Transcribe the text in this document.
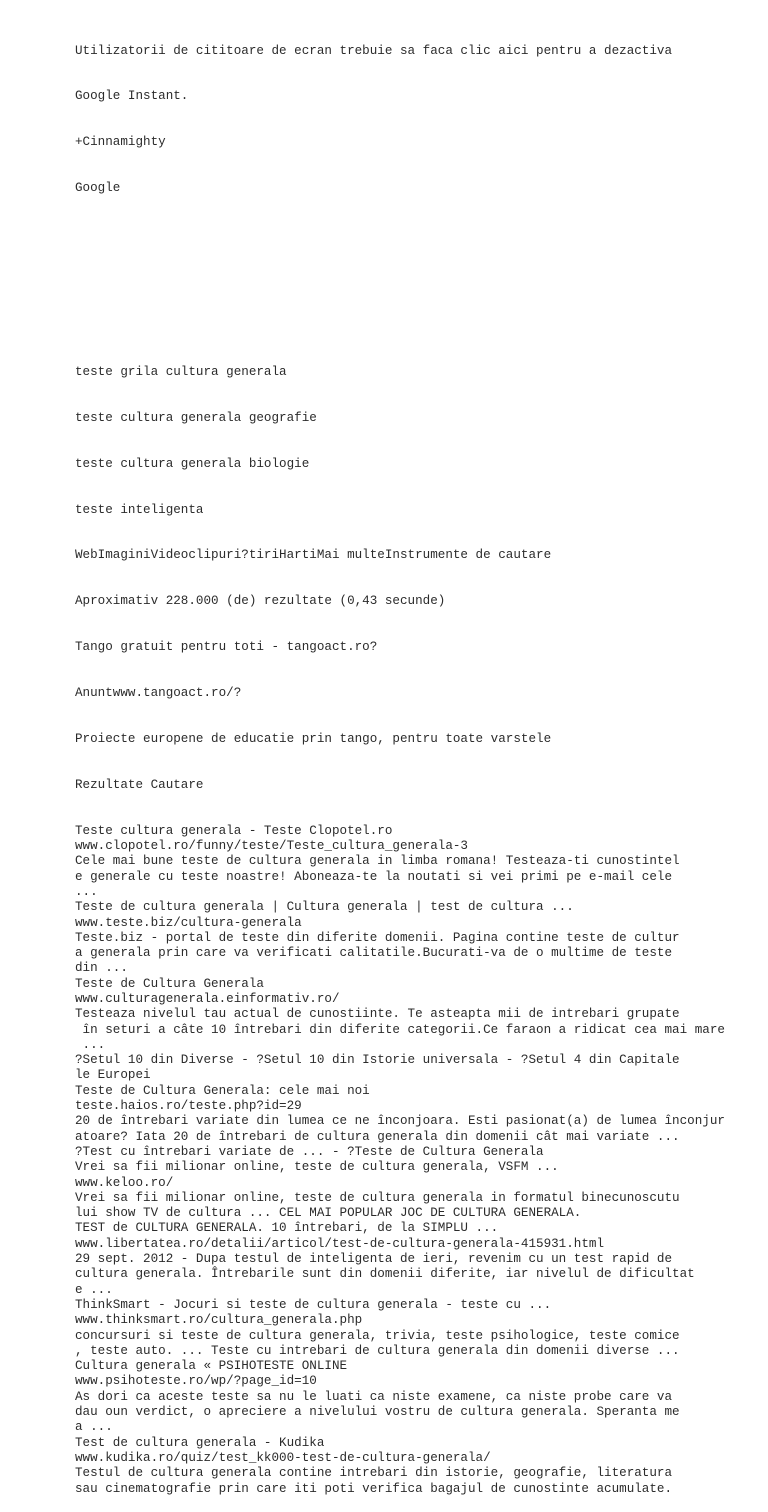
Utilizatorii de cititoare de ecran trebuie sa faca clic aici pentru a dezactiva

Google Instant.

+Cinnamighty

Google

teste grila cultura generala

teste cultura generala geografie

teste cultura generala biologie

teste inteligenta

WebImaginiVideoclipuri?tiriHartiMai multeInstrumente de cautare

Aproximativ 228.000 (de) rezultate (0,43 secunde)

Tango gratuit pentru toti - tangoact.ro?

Anuntwww.tangoact.ro/?

Proiecte europene de educatie prin tango, pentru toate varstele

Rezultate Cautare

Teste cultura generala - Teste Clopotel.ro
www.clopotel.ro/funny/teste/Teste_cultura_generala-3
Cele mai bune teste de cultura generala in limba romana! Testeaza-ti cunostintel
e generale cu teste noastre! Aboneaza-te la noutati si vei primi pe e-mail cele
...
Teste de cultura generala | Cultura generala | test de cultura ...
www.teste.biz/cultura-generala
Teste.biz - portal de teste din diferite domenii. Pagina contine teste de cultur
a generala prin care va verificati calitatile.Bucurati-va de o multime de teste
din ...
Teste de Cultura Generala
www.culturagenerala.einformativ.ro/
Testeaza nivelul tau actual de cunostiinte. Te asteapta mii de intrebari grupate
în seturi a câte 10 întrebari din diferite categorii.Ce faraon a ridicat cea mai mare
...
?Setul 10 din Diverse - ?Setul 10 din Istorie universala - ?Setul 4 din Capitale
le Europei
Teste de Cultura Generala: cele mai noi
teste.haios.ro/teste.php?id=29
20 de întrebari variate din lumea ce ne înconjoara. Esti pasionat(a) de lumea înconjur
atoare? Iata 20 de întrebari de cultura generala din domenii cât mai variate ...
?Test cu întrebari variate de ... - ?Teste de Cultura Generala
Vrei sa fii milionar online, teste de cultura generala, VSFM ...
www.keloo.ro/
Vrei sa fii milionar online, teste de cultura generala in formatul binecunoscutu
lui show TV de cultura ... CEL MAI POPULAR JOC DE CULTURA GENERALA.
TEST de CULTURA GENERALA. 10 întrebari, de la SIMPLU ...
www.libertatea.ro/detalii/articol/test-de-cultura-generala-415931.html
29 sept. 2012 - Dupa testul de inteligenta de ieri, revenim cu un test rapid de
cultura generala. Întrebarile sunt din domenii diferite, iar nivelul de dificultat
e ...
ThinkSmart - Jocuri si teste de cultura generala - teste cu ...
www.thinksmart.ro/cultura_generala.php
concursuri si teste de cultura generala, trivia, teste psihologice, teste comice
, teste auto. ... Teste cu intrebari de cultura generala din domenii diverse ...
Cultura generala « PSIHOTESTE ONLINE
www.psihoteste.ro/wp/?page_id=10
As dori ca aceste teste sa nu le luati ca niste examene, ca niste probe care va
dau oun verdict, o apreciere a nivelului vostru de cultura generala. Speranta me
a ...
Test de cultura generala - Kudika
www.kudika.ro/quiz/test_kk000-test-de-cultura-generala/
Testul de cultura generala contine intrebari din istorie, geografie, literatura
sau cinematografie prin care iti poti verifica bagajul de cunostinte acumulate.
